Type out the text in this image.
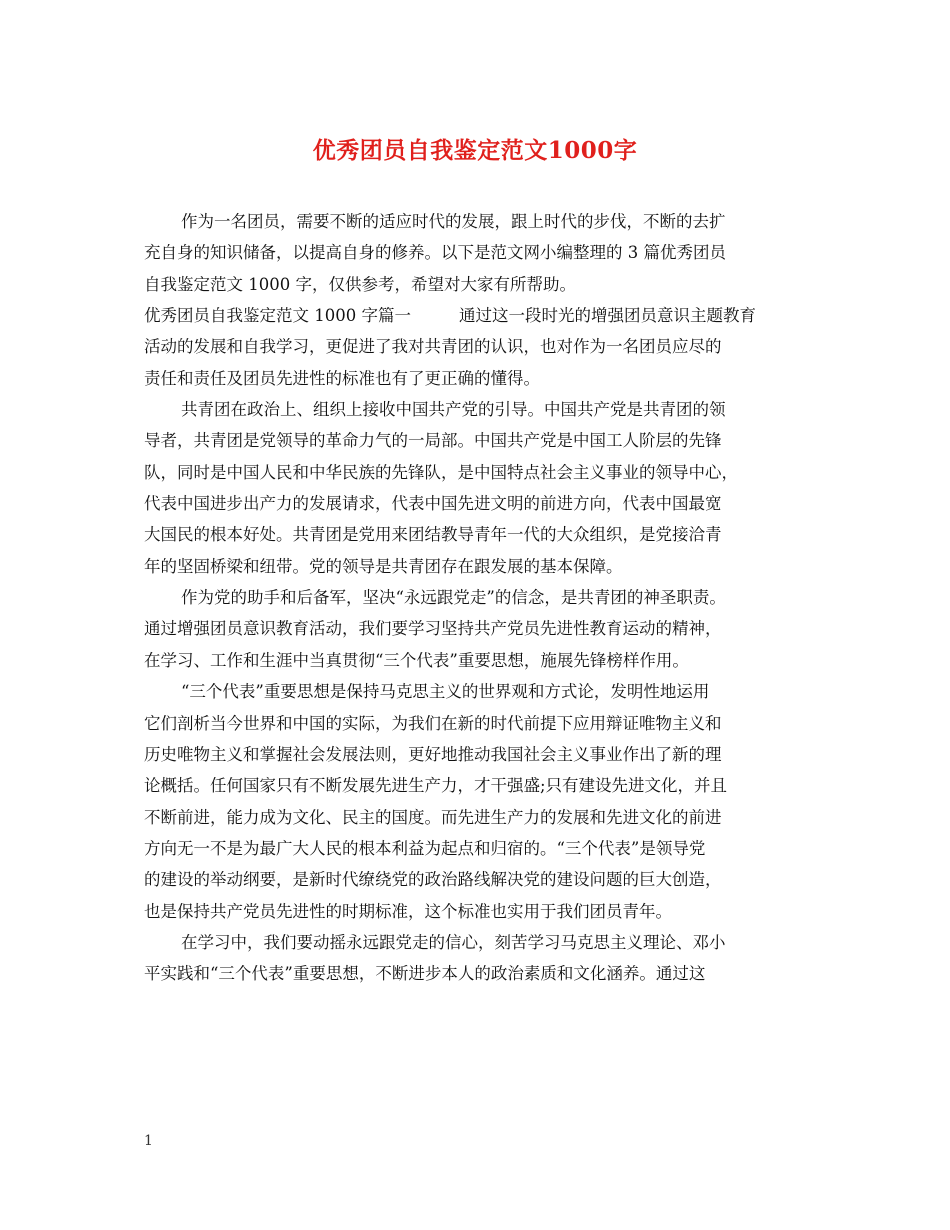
优秀团员自我鉴定范文1000字
作为一名团员，需要不断的适应时代的发展，跟上时代的步伐，不断的去扩
充自身的知识储备，以提高自身的修养。以下是范文网小编整理的 3 篇优秀团员
自我鉴定范文 1000 字，仅供参考，希望对大家有所帮助。
优秀团员自我鉴定范文 1000 字篇一	通过这一段时光的增强团员意识主题教育
活动的发展和自我学习，更促进了我对共青团的认识，也对作为一名团员应尽的
责任和责任及团员先进性的标准也有了更正确的懂得。
共青团在政治上、组织上接收中国共产党的引导。中国共产党是共青团的领
导者，共青团是党领导的革命力气的一局部。中国共产党是中国工人阶层的先锋
队，同时是中国人民和中华民族的先锋队，是中国特点社会主义事业的领导中心，
代表中国进步出产力的发展请求，代表中国先进文明的前进方向，代表中国最宽
大国民的根本好处。共青团是党用来团结教导青年一代的大众组织，是党接洽青
年的坚固桥梁和纽带。党的领导是共青团存在跟发展的基本保障。
作为党的助手和后备军，坚决“永远跟党走”的信念，是共青团的神圣职责。
通过增强团员意识教育活动，我们要学习坚持共产党员先进性教育运动的精神，
在学习、工作和生涯中当真贯彻“三个代表”重要思想，施展先锋榜样作用。
“三个代表”重要思想是保持马克思主义的世界观和方式论，发明性地运用
它们剖析当今世界和中国的实际，为我们在新的时代前提下应用辩证唯物主义和
历史唯物主义和掌握社会发展法则，更好地推动我国社会主义事业作出了新的理
论概括。任何国家只有不断发展先进生产力，才干强盛;只有建设先进文化，并且
不断前进，能力成为文化、民主的国度。而先进生产力的发展和先进文化的前进
方向无一不是为最广大人民的根本利益为起点和归宿的。“三个代表”是领导党
的建设的举动纲要，是新时代缭绕党的政治路线解决党的建设问题的巨大创造，
也是保持共产党员先进性的时期标准，这个标准也实用于我们团员青年。
在学习中，我们要动摇永远跟党走的信心，刻苦学习马克思主义理论、邓小
平实践和“三个代表”重要思想，不断进步本人的政治素质和文化涵养。通过这
1
